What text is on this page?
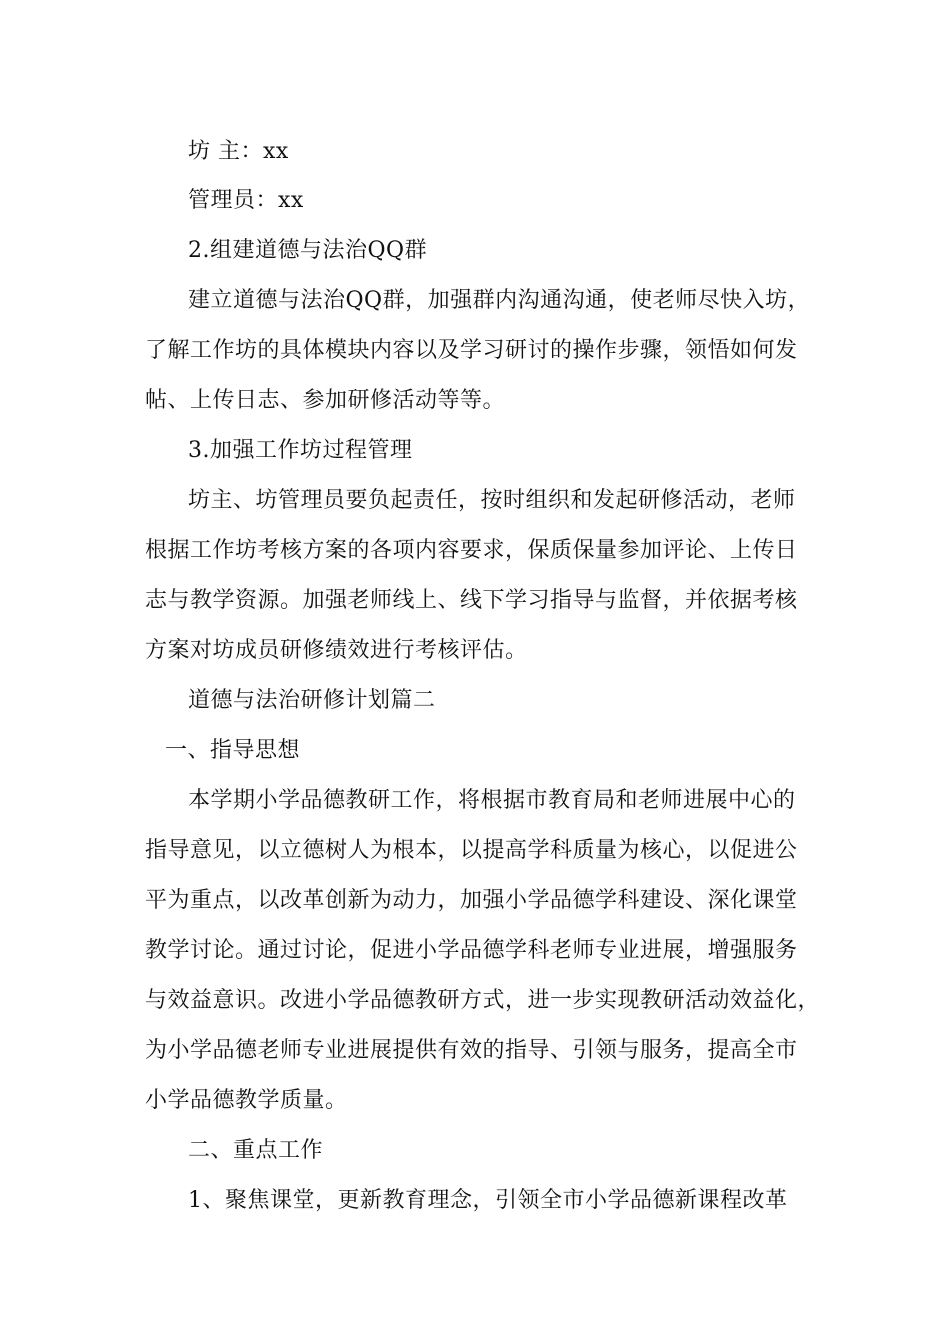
坊 主：xx
管理员：xx
2.组建道德与法治QQ群
建立道德与法治QQ群，加强群内沟通沟通，使老师尽快入坊，
了解工作坊的具体模块内容以及学习研讨的操作步骤，领悟如何发
帖、上传日志、参加研修活动等等。
3.加强工作坊过程管理
坊主、坊管理员要负起责任，按时组织和发起研修活动，老师
根据工作坊考核方案的各项内容要求，保质保量参加评论、上传日
志与教学资源。加强老师线上、线下学习指导与监督，并依据考核
方案对坊成员研修绩效进行考核评估。
道德与法治研修计划篇二
一、指导思想
本学期小学品德教研工作，将根据市教育局和老师进展中心的
指导意见，以立德树人为根本，以提高学科质量为核心，以促进公
平为重点，以改革创新为动力，加强小学品德学科建设、深化课堂
教学讨论。通过讨论，促进小学品德学科老师专业进展，增强服务
与效益意识。改进小学品德教研方式，进一步实现教研活动效益化，
为小学品德老师专业进展提供有效的指导、引领与服务，提高全市
小学品德教学质量。
二、重点工作
1、聚焦课堂，更新教育理念，引领全市小学品德新课程改革
